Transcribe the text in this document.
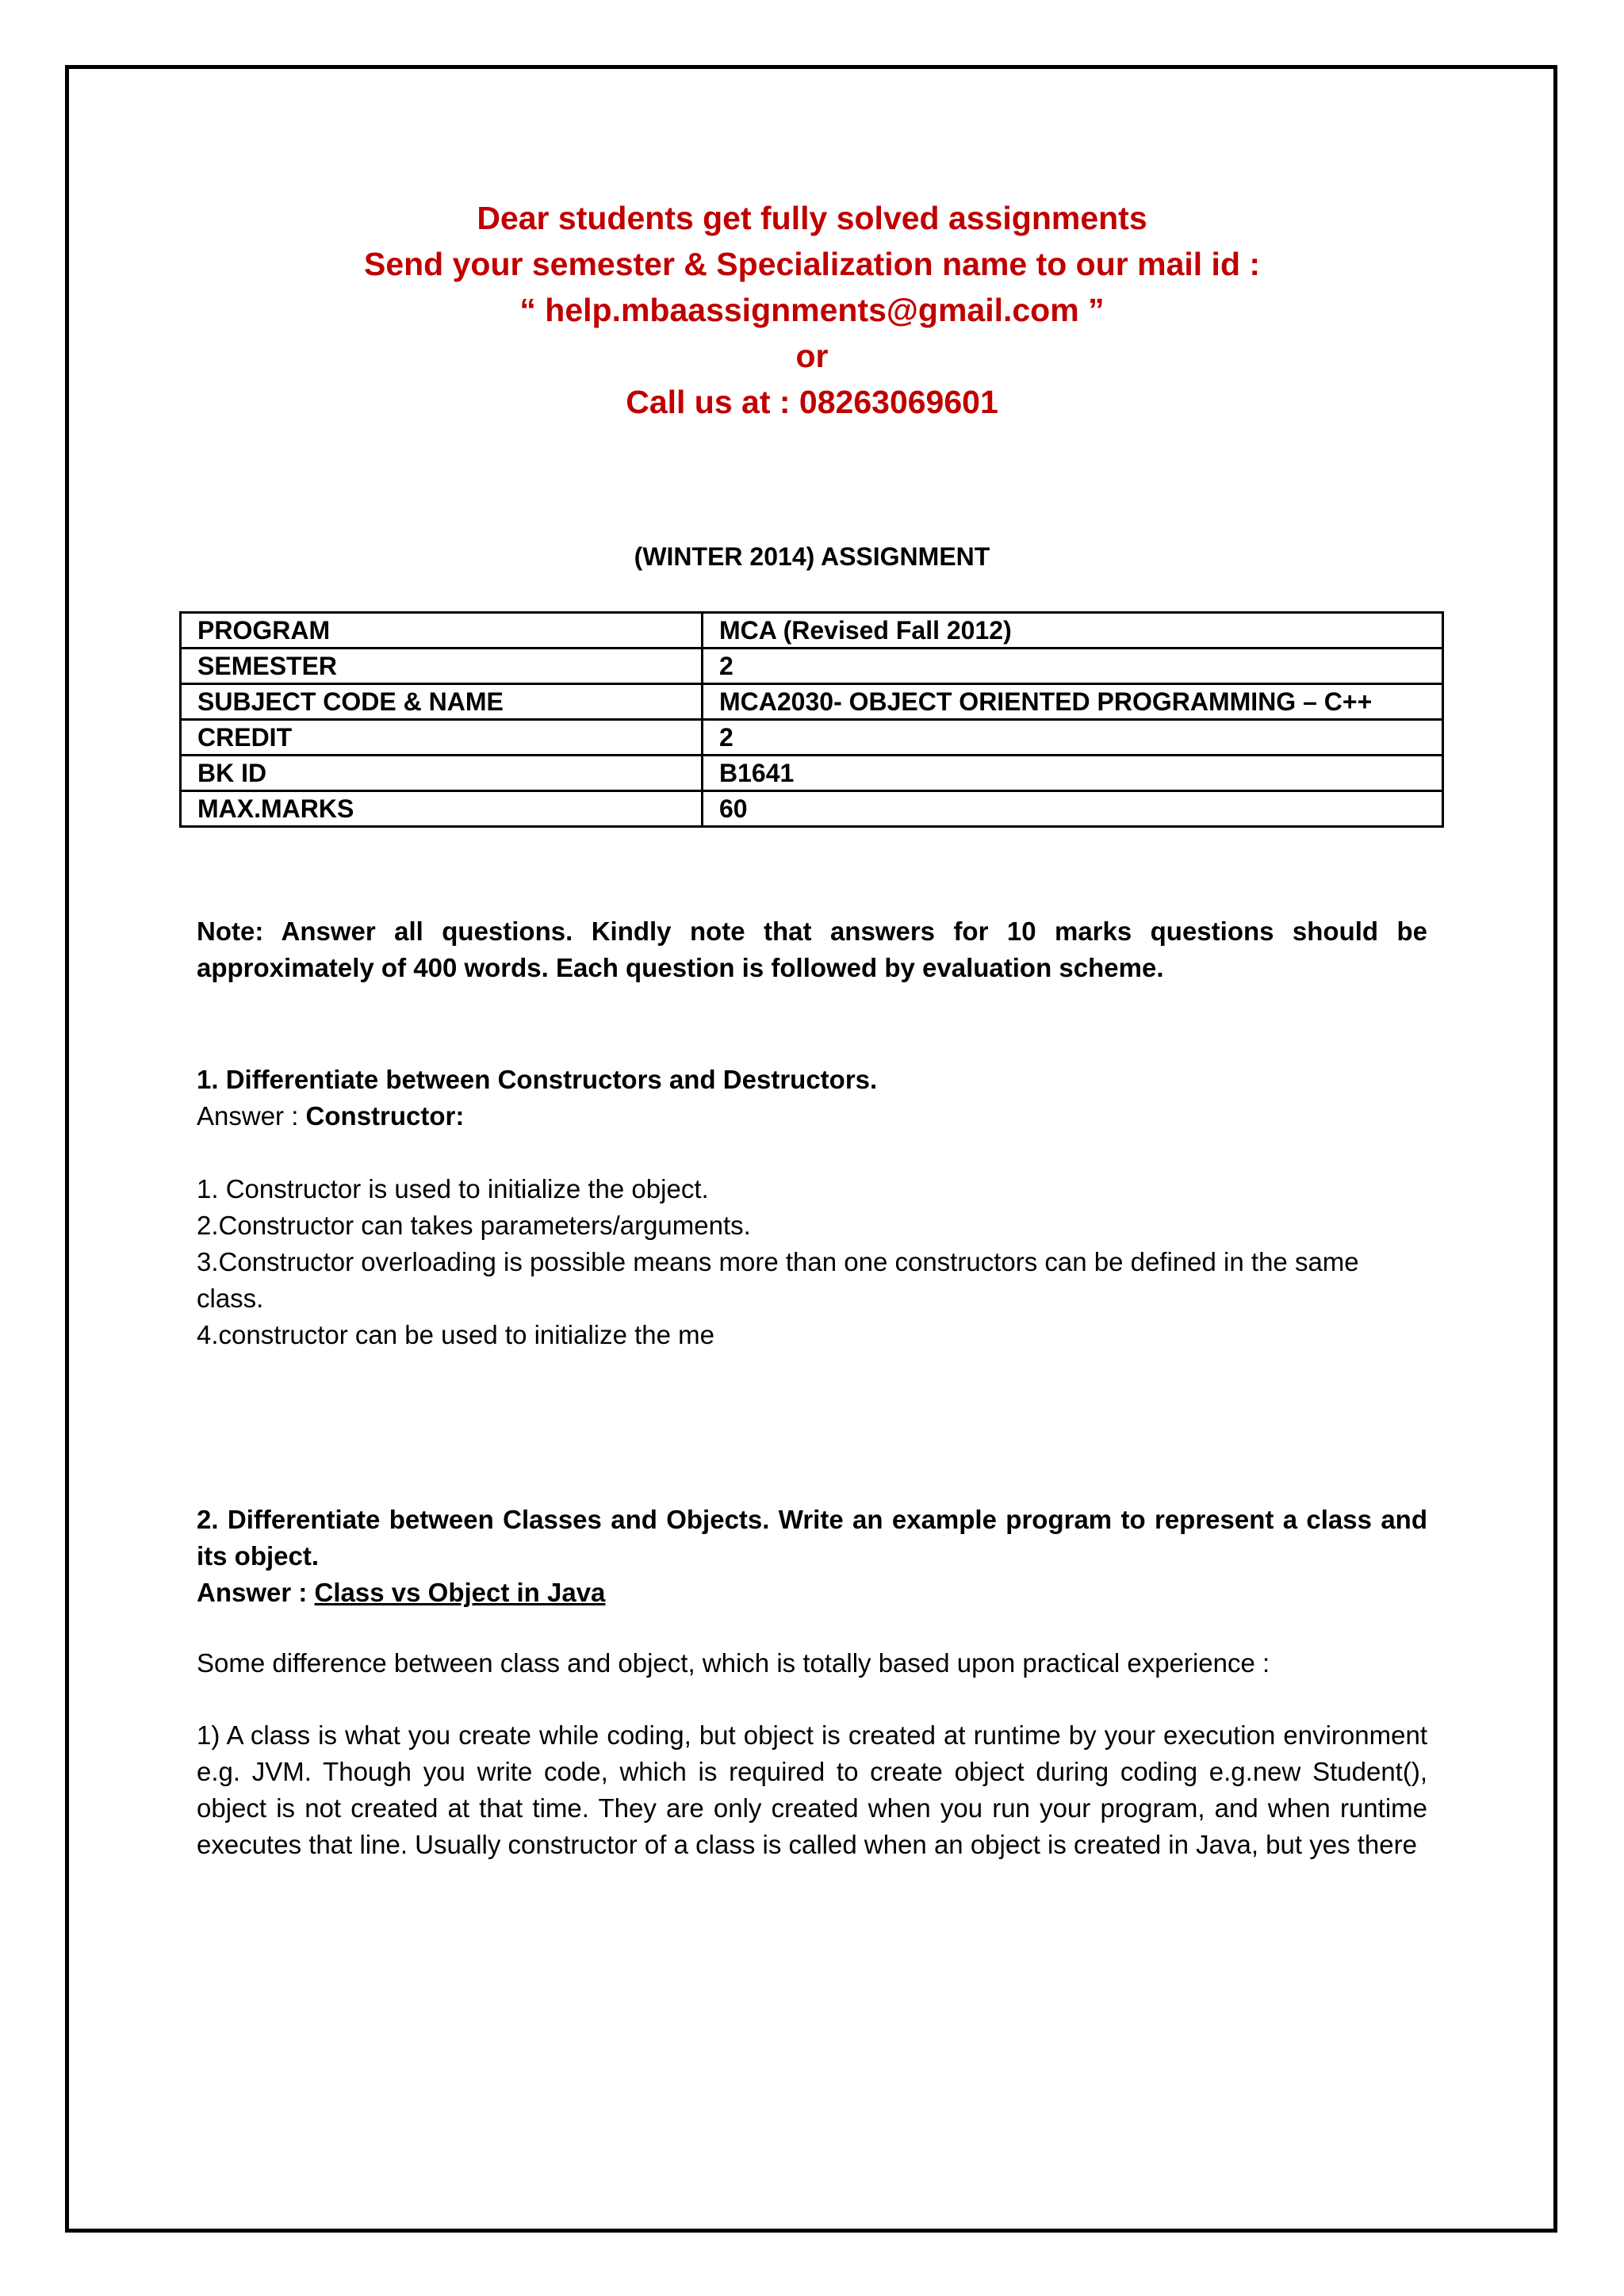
Dear students get fully solved assignments
Send your semester & Specialization name to our mail id :
“ help.mbaassignments@gmail.com ”
or
Call us at : 08263069601
(WINTER 2014) ASSIGNMENT
PROGRAM	MCA (Revised Fall 2012)
SEMESTER	2
SUBJECT CODE & NAME	MCA2030- OBJECT ORIENTED PROGRAMMING – C++
CREDIT	2
BK ID	B1641
MAX.MARKS	60
Note: Answer all questions. Kindly note that answers for 10 marks questions should be approximately of 400 words. Each question is followed by evaluation scheme.
1. Differentiate between Constructors and Destructors.
Answer : Constructor:
1. Constructor is used to initialize the object.
2.Constructor can takes parameters/arguments.
3.Constructor overloading is possible means more than one constructors can be defined in the same class.
4.constructor can be used to initialize the me
2. Differentiate between Classes and Objects. Write an example program to represent a class and its object.
Answer : Class vs Object in Java
Some difference between class and object, which is totally based upon practical experience :
1) A class is what you create while coding, but object is created at runtime by your execution environment e.g. JVM. Though you write code, which is required to create object during coding e.g.new Student(), object is not created at that time. They are only created when you run your program, and when runtime executes that line. Usually constructor of a class is called when an object is created in Java, but yes there
